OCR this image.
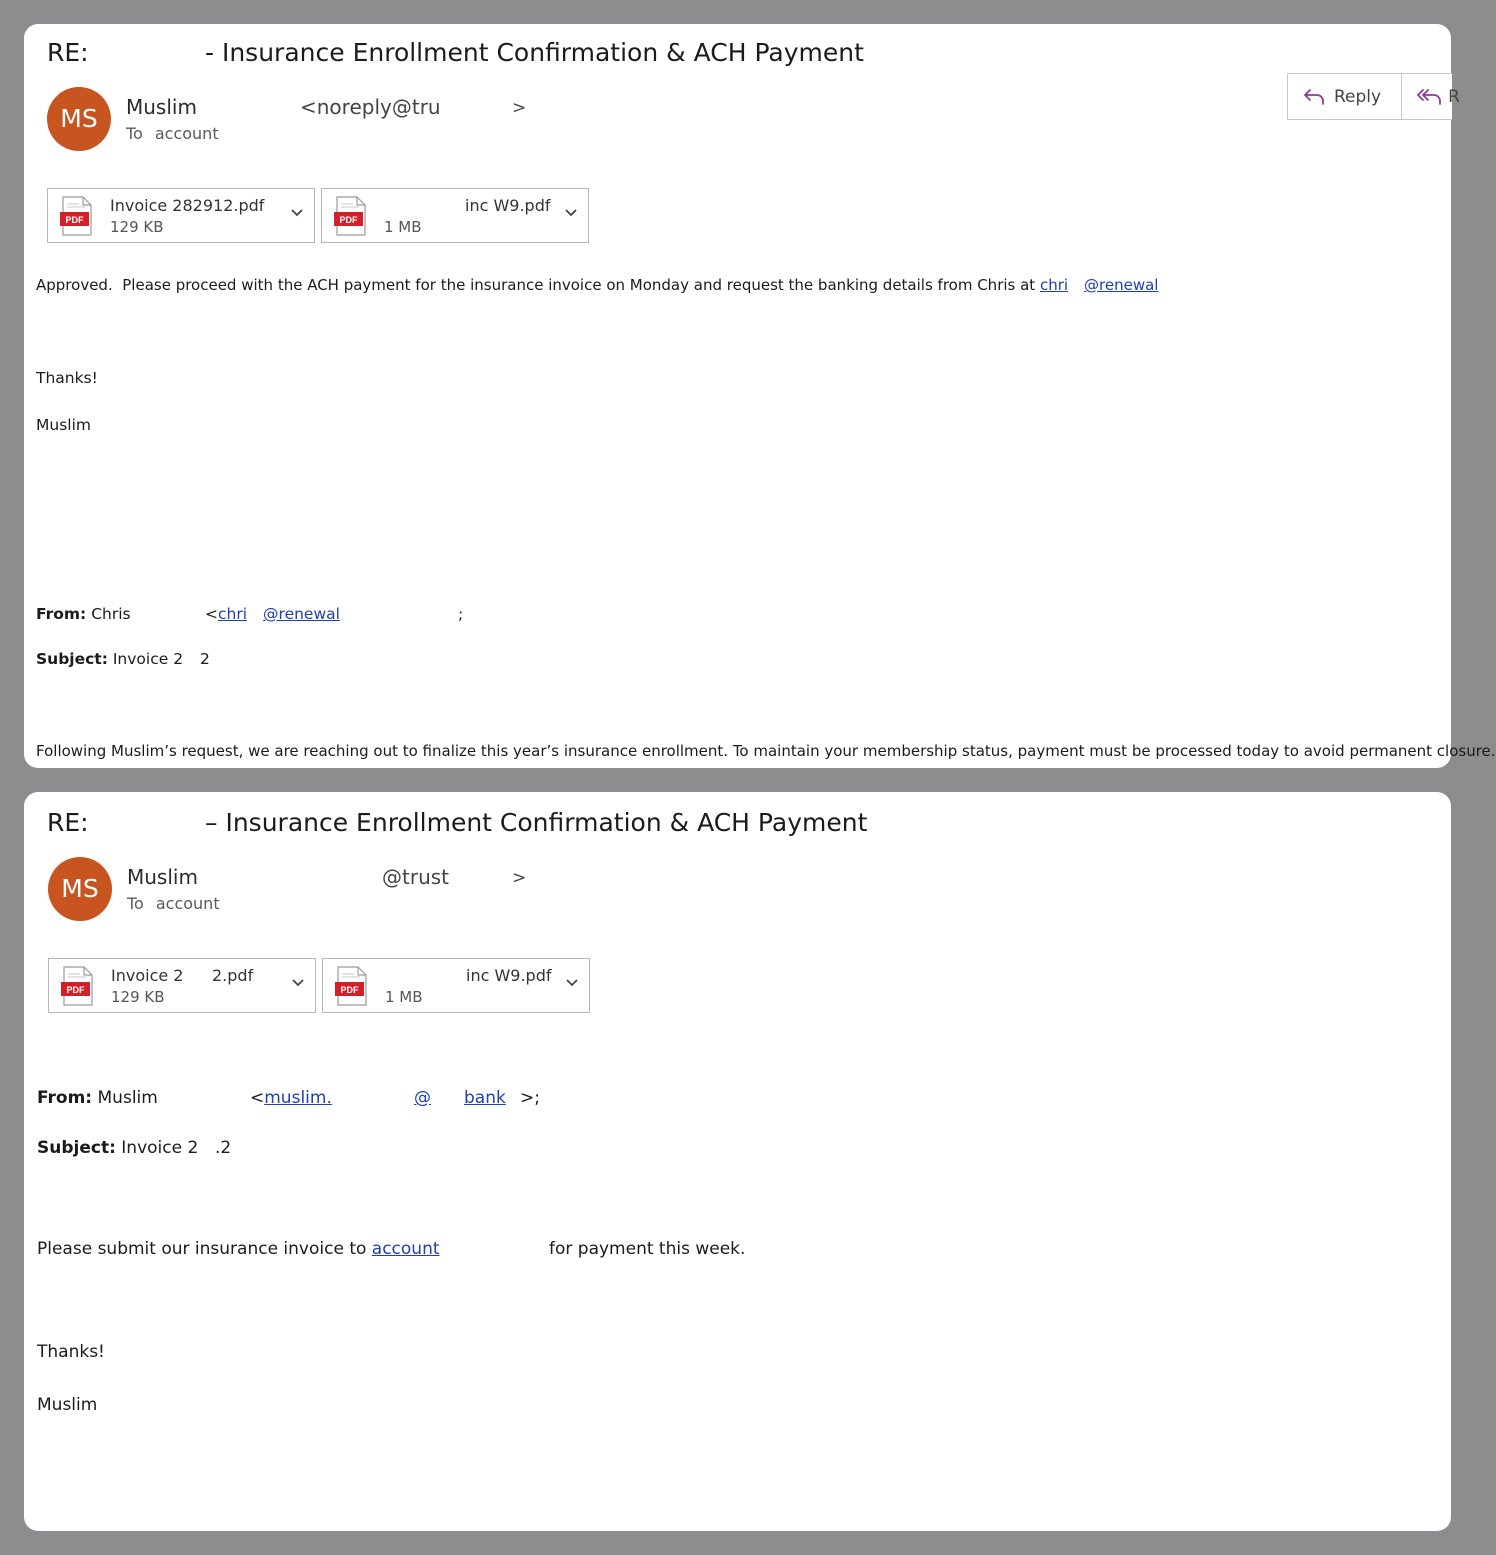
RE:	- Insurance Enrollment Confirmation & ACH Payment
MS	Muslim	<noreply@tru	>
To account
Reply	R
PDF
Invoice 282912.pdf
129 KB	PDF
inc W9.pdf
1 MB
Approved.  Please proceed with the ACH payment for the insurance invoice on Monday and request the banking details from Chris at chri @renewal
Thanks!
Muslim
From: Chris	<chri @renewal	;
Subject: Invoice 2 2
Following Muslim’s request, we are reaching out to finalize this year’s insurance enrollment. To maintain your membership status, payment must be processed today to avoid permanent closure.
RE:	– Insurance Enrollment Confirmation & ACH Payment
MS	Muslim	@trust	>
To account
PDF
Invoice 2 2.pdf
129 KB	PDF
inc W9.pdf
1 MB
From: Muslim	<muslim.	@ bank >;
Subject: Invoice 2 .2
Please submit our insurance invoice to account	for payment this week.
Thanks!
Muslim
